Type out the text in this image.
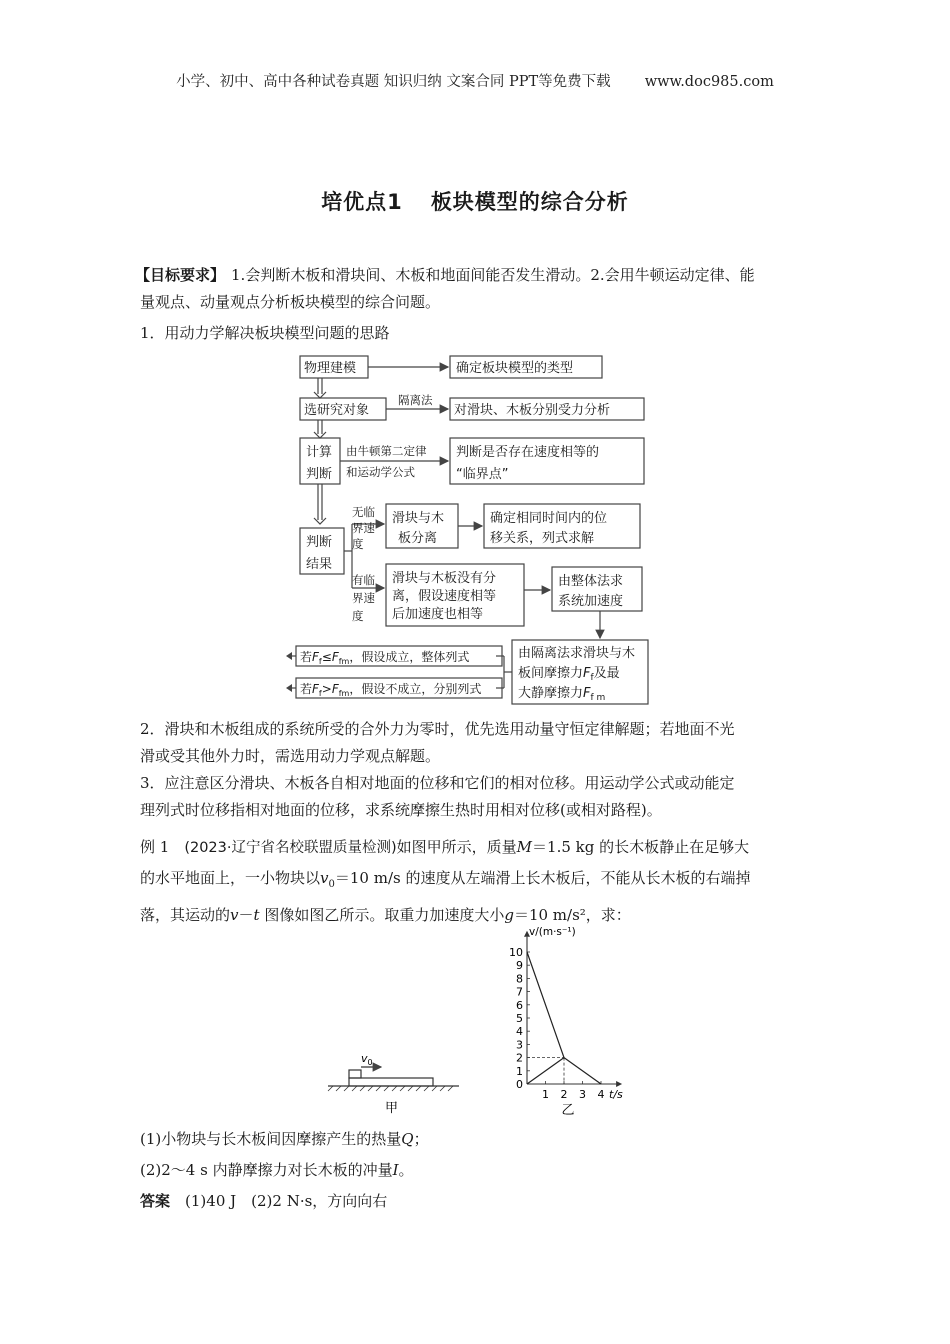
小学、初中、高中各种试卷真题 知识归纳 文案合同 PPT等免费下载 www.doc985.com
培优点1 板块模型的综合分析
【目标要求】 1.会判断木板和滑块间、木板和地面间能否发生滑动。2.会用牛顿运动定律、能
量观点、动量观点分析板块模型的综合问题。
1．用动力学解决板块模型问题的思路
物理建模	确定板块模型的类型
选研究对象
隔离法
对滑块、木板分别受力分析
计算
判断
由牛顿第二定律
和运动学公式
判断是否存在速度相等的
“临界点”
判断
结果
无临
界速
度
滑块与木
板分离
确定相同时间内的位
移关系，列式求解
有临
界速
度
滑块与木板没有分
离，假设速度相等
后加速度也相等
由整体法求
系统加速度
由隔离法求滑块与木
板间摩擦力$F_f$及最
大静摩擦力$F_{f m}$
若$F_f\le F_{fm}$，假设成立，整体列式
若$F_f>F_{fm}$，假设不成立，分别列式
2．滑块和木板组成的系统所受的合外力为零时，优先选用动量守恒定律解题；若地面不光
滑或受其他外力时，需选用动力学观点解题。
3．应注意区分滑块、木板各自相对地面的位移和它们的相对位移。用运动学公式或动能定
理列式时位移指相对地面的位移，求系统摩擦生热时用相对位移(或相对路程)。
例 1　 (2023·辽宁省名校联盟质量检测)如图甲所示，质量M＝1.5 kg 的长木板静止在足够大
的水平地面上，一小物块以$v_0=10$ m/s 的速度从左端滑上长木板后，不能从长木板的右端掉
落，其运动的v－t 图像如图乙所示。取重力加速度大小g＝10 m/s²，求：
$v_0$
甲
0
1
2
3
4
5
6
7
8
9
10
1 2 3 4
v/(m·s⁻¹)
t/s
乙
(1)小物块与长木板间因摩擦产生的热量Q；
(2)2～4 s 内静摩擦力对长木板的冲量I。
答案　 (1)40 J　(2)2 N·s，方向向右
